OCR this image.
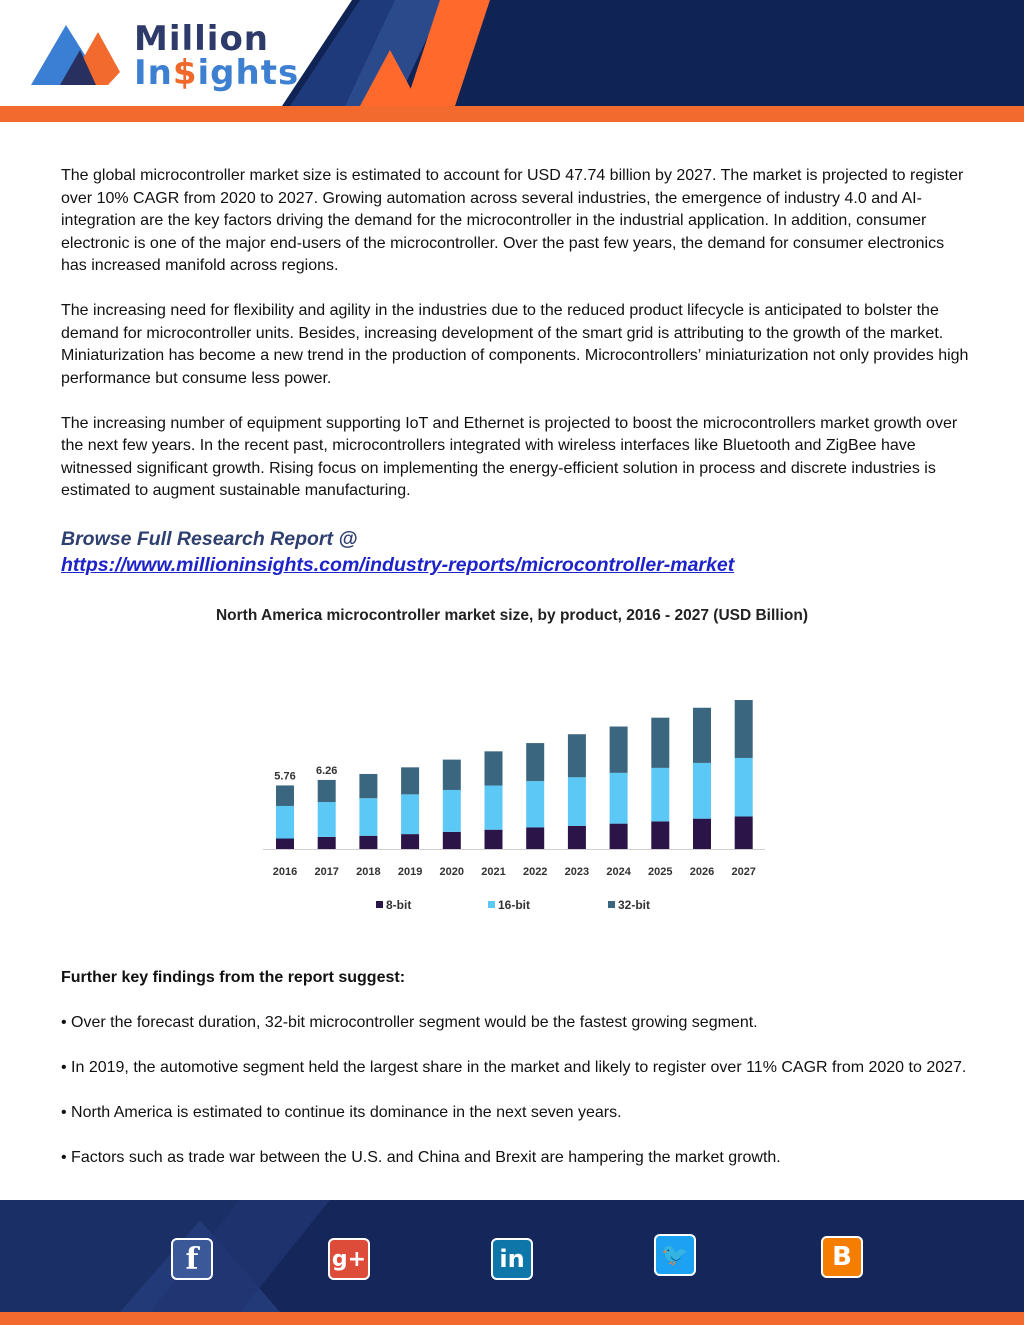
Million
In$ights

The global microcontroller market size is estimated to account for USD 47.74 billion by 2027. The market is projected to register over 10% CAGR from 2020 to 2027. Growing automation across several industries, the emergence of industry 4.0 and AI-integration are the key factors driving the demand for the microcontroller in the industrial application. In addition, consumer electronic is one of the major end-users of the microcontroller. Over the past few years, the demand for consumer electronics has increased manifold across regions.

The increasing need for flexibility and agility in the industries due to the reduced product lifecycle is anticipated to bolster the demand for microcontroller units. Besides, increasing development of the smart grid is attributing to the growth of the market. Miniaturization has become a new trend in the production of components. Microcontrollers’ miniaturization not only provides high performance but consume less power.

The increasing number of equipment supporting IoT and Ethernet is projected to boost the microcontrollers market growth over the next few years. In the recent past, microcontrollers integrated with wireless interfaces like Bluetooth and ZigBee have witnessed significant growth. Rising focus on implementing the energy-efficient solution in process and discrete industries is estimated to augment sustainable manufacturing.

Browse Full Research Report @
https://www.millioninsights.com/industry-reports/microcontroller-market
North America microcontroller market size, by product, 2016 - 2027 (USD Billion)
2016
5.76
2017
6.26
2018 2019 2020 2021 2022 2023 2024 2025 2026 2027
8-bit	16-bit	32-bit

Further key findings from the report suggest:

• Over the forecast duration, 32-bit microcontroller segment would be the fastest growing segment.

• In 2019, the automotive segment held the largest share in the market and likely to register over 11% CAGR from 2020 to 2027.

• North America is estimated to continue its dominance in the next seven years.

• Factors such as trade war between the U.S. and China and Brexit are hampering the market growth.

f	g+	in	🐦	B
